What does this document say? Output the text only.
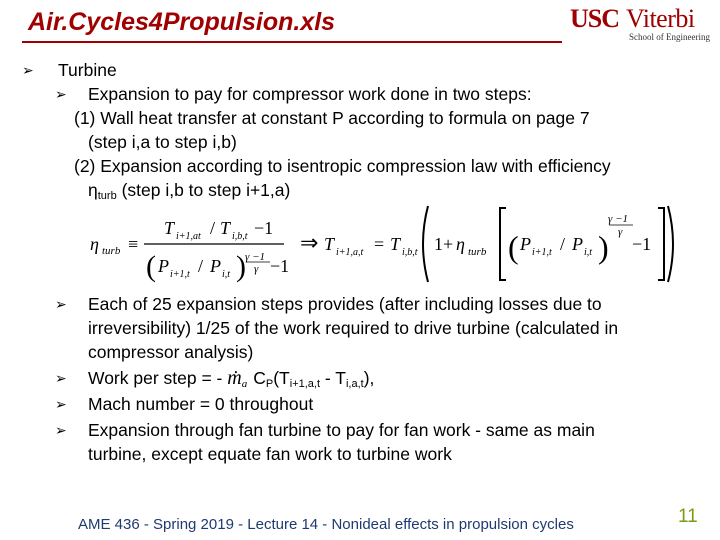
Air.Cycles4Propulsion.xls	USC Viterbi
School of Engineering
➢ Turbine
➢ Expansion to pay for compressor work done in two steps:
(1) Wall heat transfer at constant P according to formula on page 7
(step i,a to step i,b)
(2) Expansion according to isentropic compression law with efficiency
$\eta_{turb}$ (step i,b to step i+1,a)
η turb ≡
T i+1,at / T i,b,t −1
( P i+1,t / P i,t ) γ −1
γ −1
⇒ T i+1,a,t = T i,b,t 1+ η turb ( P i+1,t / P i,t )
γ −1
γ
−1
➢ Each of 25 expansion steps provides (after including losses due to
irreversibility) 1/25 of the work required to drive turbine (calculated in
compressor analysis)
➢ Work per step = - ṁ$_a$ $C_P(T_{i+1,a,t} - T_{i,a,t})$,
➢ Mach number = 0 throughout
➢ Expansion through fan turbine to pay for fan work - same as main
turbine, except equate fan work to turbine work
AME 436 - Spring 2019 - Lecture 14 - Nonideal effects in propulsion cycles	11
